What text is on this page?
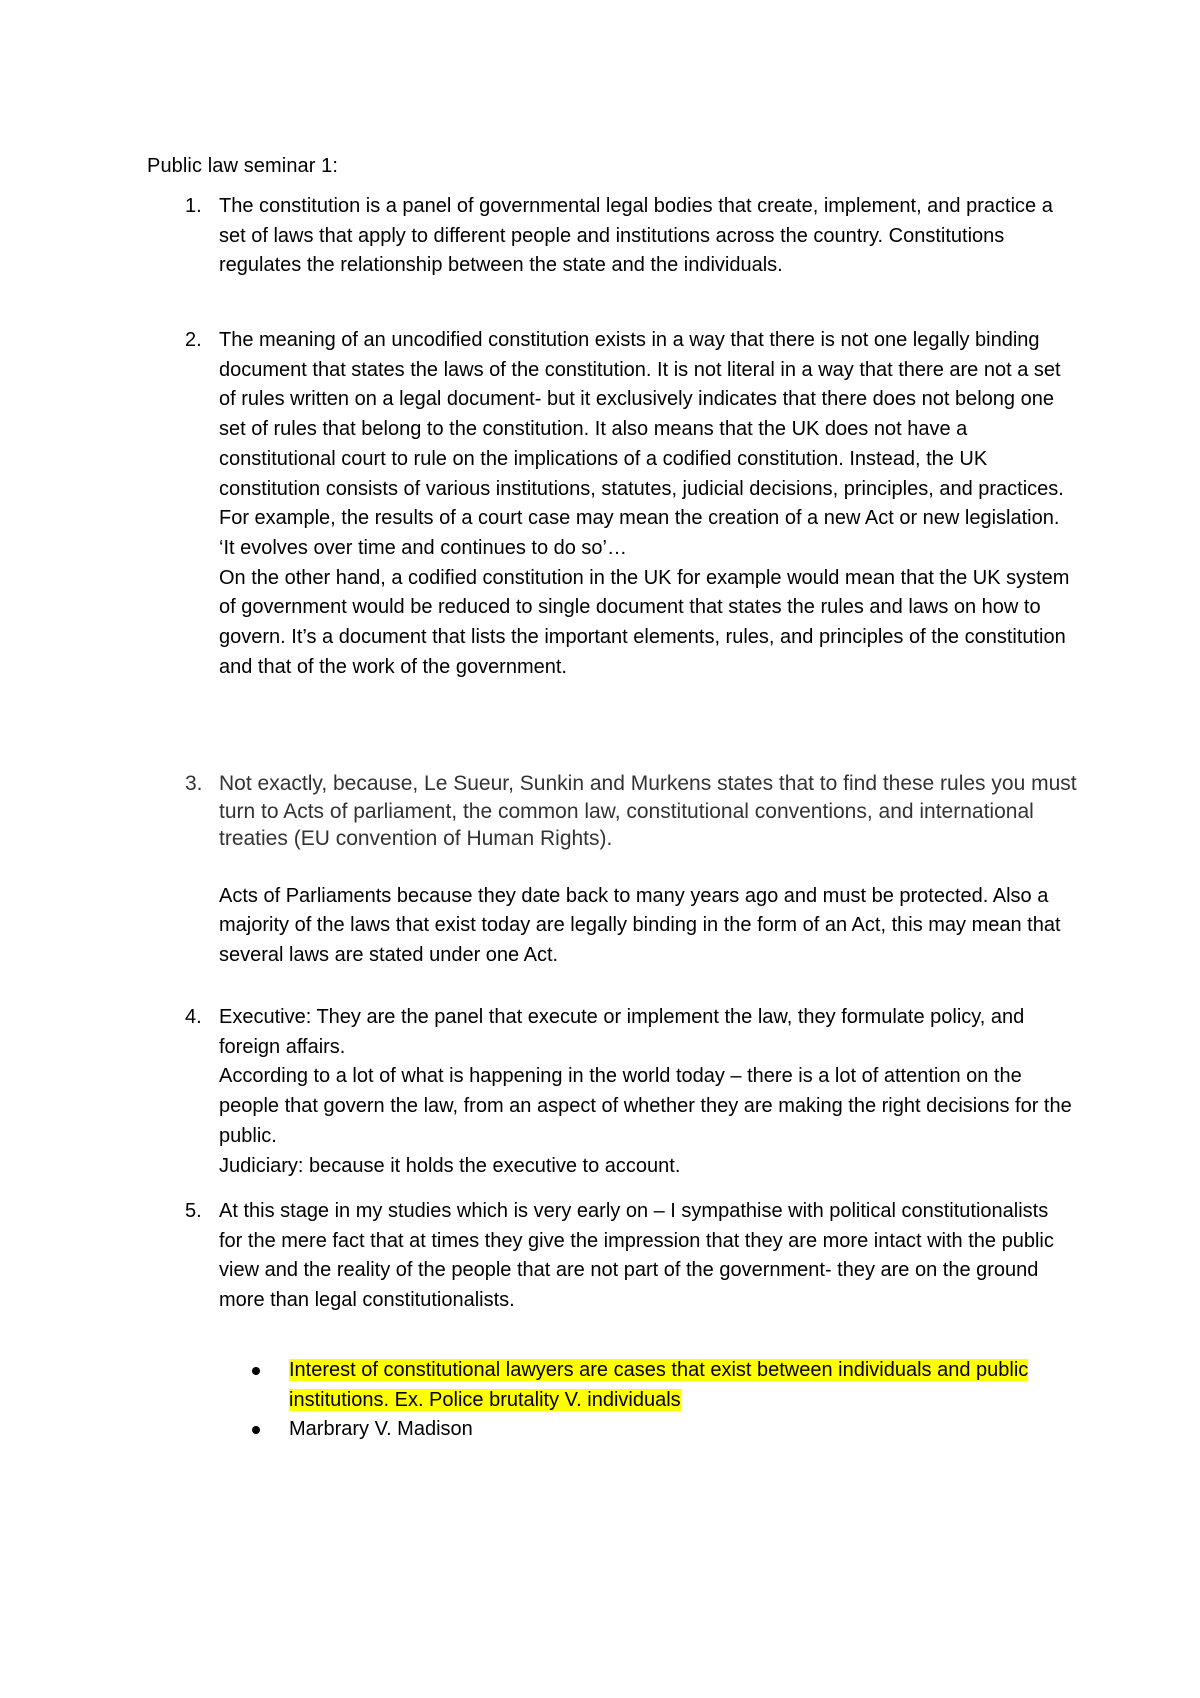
Public law seminar 1:
1. The constitution is a panel of governmental legal bodies that create, implement, and practice a set of laws that apply to different people and institutions across the country. Constitutions regulates the relationship between the state and the individuals.

2. The meaning of an uncodified constitution exists in a way that there is not one legally binding document that states the laws of the constitution. It is not literal in a way that there are not a set of rules written on a legal document- but it exclusively indicates that there does not belong one set of rules that belong to the constitution. It also means that the UK does not have a constitutional court to rule on the implications of a codified constitution. Instead, the UK constitution consists of various institutions, statutes, judicial decisions, principles, and practices. For example, the results of a court case may mean the creation of a new Act or new legislation. ‘It evolves over time and continues to do so’…

On the other hand, a codified constitution in the UK for example would mean that the UK system of government would be reduced to single document that states the rules and laws on how to govern. It’s a document that lists the important elements, rules, and principles of the constitution and that of the work of the government.

3. Not exactly, because, Le Sueur, Sunkin and Murkens states that to find these rules you must turn to Acts of parliament, the common law, constitutional conventions, and international treaties (EU convention of Human Rights).

Acts of Parliaments because they date back to many years ago and must be protected. Also a majority of the laws that exist today are legally binding in the form of an Act, this may mean that several laws are stated under one Act.

4. Executive: They are the panel that execute or implement the law, they formulate policy, and foreign affairs.

According to a lot of what is happening in the world today – there is a lot of attention on the people that govern the law, from an aspect of whether they are making the right decisions for the public.

Judiciary: because it holds the executive to account.

5. At this stage in my studies which is very early on – I sympathise with political constitutionalists for the mere fact that at times they give the impression that they are more intact with the public view and the reality of the people that are not part of the government- they are on the ground more than legal constitutionalists.

Interest of constitutional lawyers are cases that exist between individuals and public institutions. Ex. Police brutality V. individuals
Marbrary V. Madison
